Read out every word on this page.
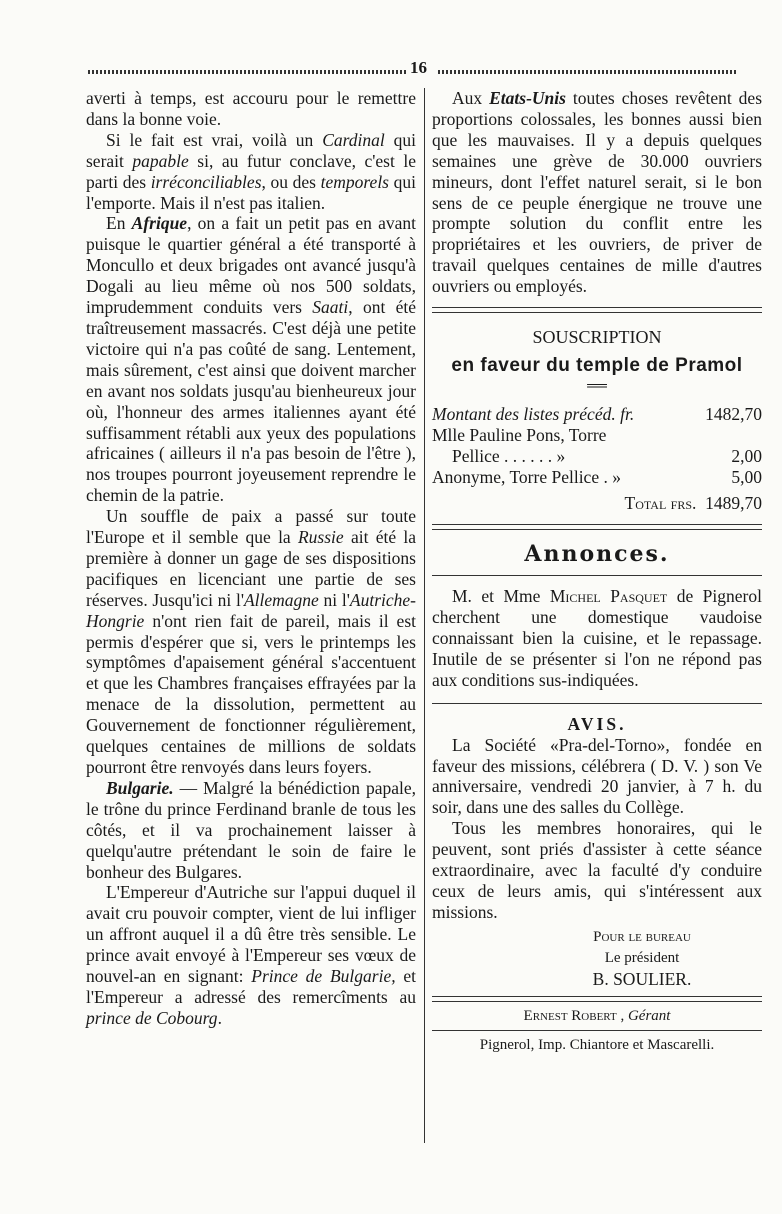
16

averti à temps, est accouru pour le remettre dans la bonne voie.

Si le fait est vrai, voilà un Cardinal qui serait papable si, au futur conclave, c'est le parti des irréconciliables, ou des temporels qui l'emporte. Mais il n'est pas italien.

En Afrique, on a fait un petit pas en avant puisque le quartier général a été transporté à Moncullo et deux brigades ont avancé jusqu'à Dogali au lieu même où nos 500 soldats, imprudemment conduits vers Saati, ont été traîtreusement massacrés. C'est déjà une petite victoire qui n'a pas coûté de sang. Lentement, mais sûrement, c'est ainsi que doivent marcher en avant nos soldats jusqu'au bienheureux jour où, l'honneur des armes italiennes ayant été suffisamment rétabli aux yeux des populations africaines ( ailleurs il n'a pas besoin de l'être ), nos troupes pourront joyeusement reprendre le chemin de la patrie.

Un souffle de paix a passé sur toute l'Europe et il semble que la Russie ait été la première à donner un gage de ses dispositions pacifiques en licenciant une partie de ses réserves. Jusqu'ici ni l'Allemagne ni l'Autriche-Hongrie n'ont rien fait de pareil, mais il est permis d'espérer que si, vers le printemps les symptômes d'apaisement général s'accentuent et que les Chambres françaises effrayées par la menace de la dissolution, permettent au Gouvernement de fonctionner régulièrement, quelques centaines de millions de soldats pourront être renvoyés dans leurs foyers.

Bulgarie. — Malgré la bénédiction papale, le trône du prince Ferdinand branle de tous les côtés, et il va prochainement laisser à quelqu'autre prétendant le soin de faire le bonheur des Bulgares.

L'Empereur d'Autriche sur l'appui duquel il avait cru pouvoir compter, vient de lui infliger un affront auquel il a dû être très sensible. Le prince avait envoyé à l'Empereur ses vœux de nouvel-an en signant: Prince de Bulgarie, et l'Empereur a adressé des remercîments au prince de Cobourg.

Aux Etats-Unis toutes choses revêtent des proportions colossales, les bonnes aussi bien que les mauvaises. Il y a depuis quelques semaines une grève de 30.000 ouvriers mineurs, dont l'effet naturel serait, si le bon sens de ce peuple énergique ne trouve une prompte solution du conflit entre les propriétaires et les ouvriers, de priver de travail quelques centaines de mille d'autres ouvriers ou employés.

SOUSCRIPTION

en faveur du temple de Pramol

══

Montant des listes précéd. fr.	1482,70
Mlle Pauline Pons, Torre
Pellice . . . . . . »	2,00
Anonyme, Torre Pellice . »	5,00
Total frs. 1489,70

Annonces.

M. et Mme Michel Pasquet de Pignerol cherchent une domestique vaudoise connaissant bien la cuisine, et le repassage. Inutile de se présenter si l'on ne répond pas aux conditions sus-indiquées.

AVIS.

La Société «Pra-del-Torno», fondée en faveur des missions, célébrera ( D. V. ) son Ve anniversaire, vendredi 20 janvier, à 7 h. du soir, dans une des salles du Collège.

Tous les membres honoraires, qui le peuvent, sont priés d'assister à cette séance extraordinaire, avec la faculté d'y conduire ceux de leurs amis, qui s'intéressent aux missions.

Pour le bureau

Le président

B. SOULIER.

Ernest Robert , Gérant

Pignerol, Imp. Chiantore et Mascarelli.
